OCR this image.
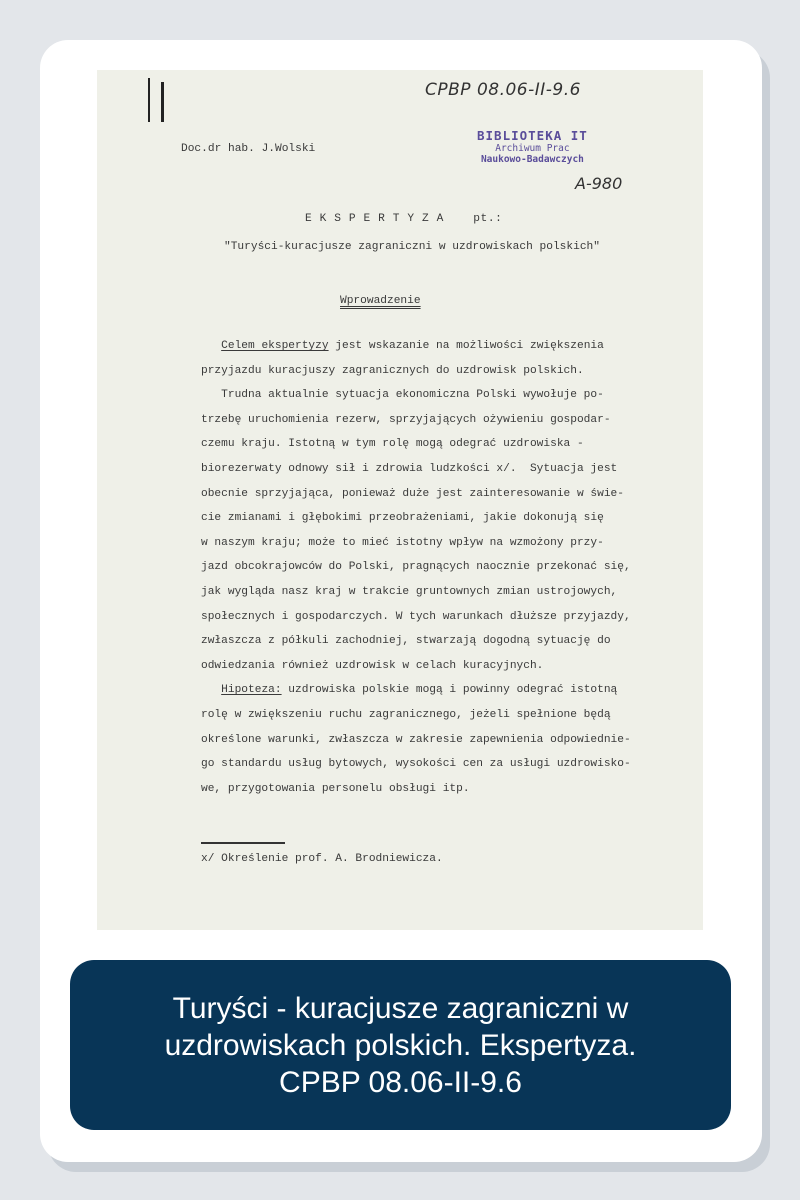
CPBP 08.06-II-9.6
Doc.dr hab. J.Wolski
BIBLIOTEKA IT
Archiwum Prac
Naukowo-Badawczych
A-980
E K S P E R T Y Z A    pt.:
"Turyści-kuracjusze zagraniczni w uzdrowiskach polskich"
Wprowadzenie
Celem ekspertyzy jest wskazanie na możliwości zwiększenia
przyjazdu kuracjuszy zagranicznych do uzdrowisk polskich.
Trudna aktualnie sytuacja ekonomiczna Polski wywołuje po-
trzebę uruchomienia rezerw, sprzyjających ożywieniu gospodar-
czemu kraju. Istotną w tym rolę mogą odegrać uzdrowiska -
biorezerwaty odnowy sił i zdrowia ludzkości x/.  Sytuacja jest
obecnie sprzyjająca, ponieważ duże jest zainteresowanie w świe-
cie zmianami i głębokimi przeobrażeniami, jakie dokonują się
w naszym kraju; może to mieć istotny wpływ na wzmożony przy-
jazd obcokrajowców do Polski, pragnących naocznie przekonać się,
jak wygląda nasz kraj w trakcie gruntownych zmian ustrojowych,
społecznych i gospodarczych. W tych warunkach dłuższe przyjazdy,
zwłaszcza z półkuli zachodniej, stwarzają dogodną sytuację do
odwiedzania również uzdrowisk w celach kuracyjnych.
Hipoteza: uzdrowiska polskie mogą i powinny odegrać istotną
rolę w zwiększeniu ruchu zagranicznego, jeżeli spełnione będą
określone warunki, zwłaszcza w zakresie zapewnienia odpowiednie-
go standardu usług bytowych, wysokości cen za usługi uzdrowisko-
we, przygotowania personelu obsługi itp.
x/ Określenie prof. A. Brodniewicza.
Turyści - kuracjusze zagraniczni w
uzdrowiskach polskich. Ekspertyza.
CPBP 08.06-II-9.6
